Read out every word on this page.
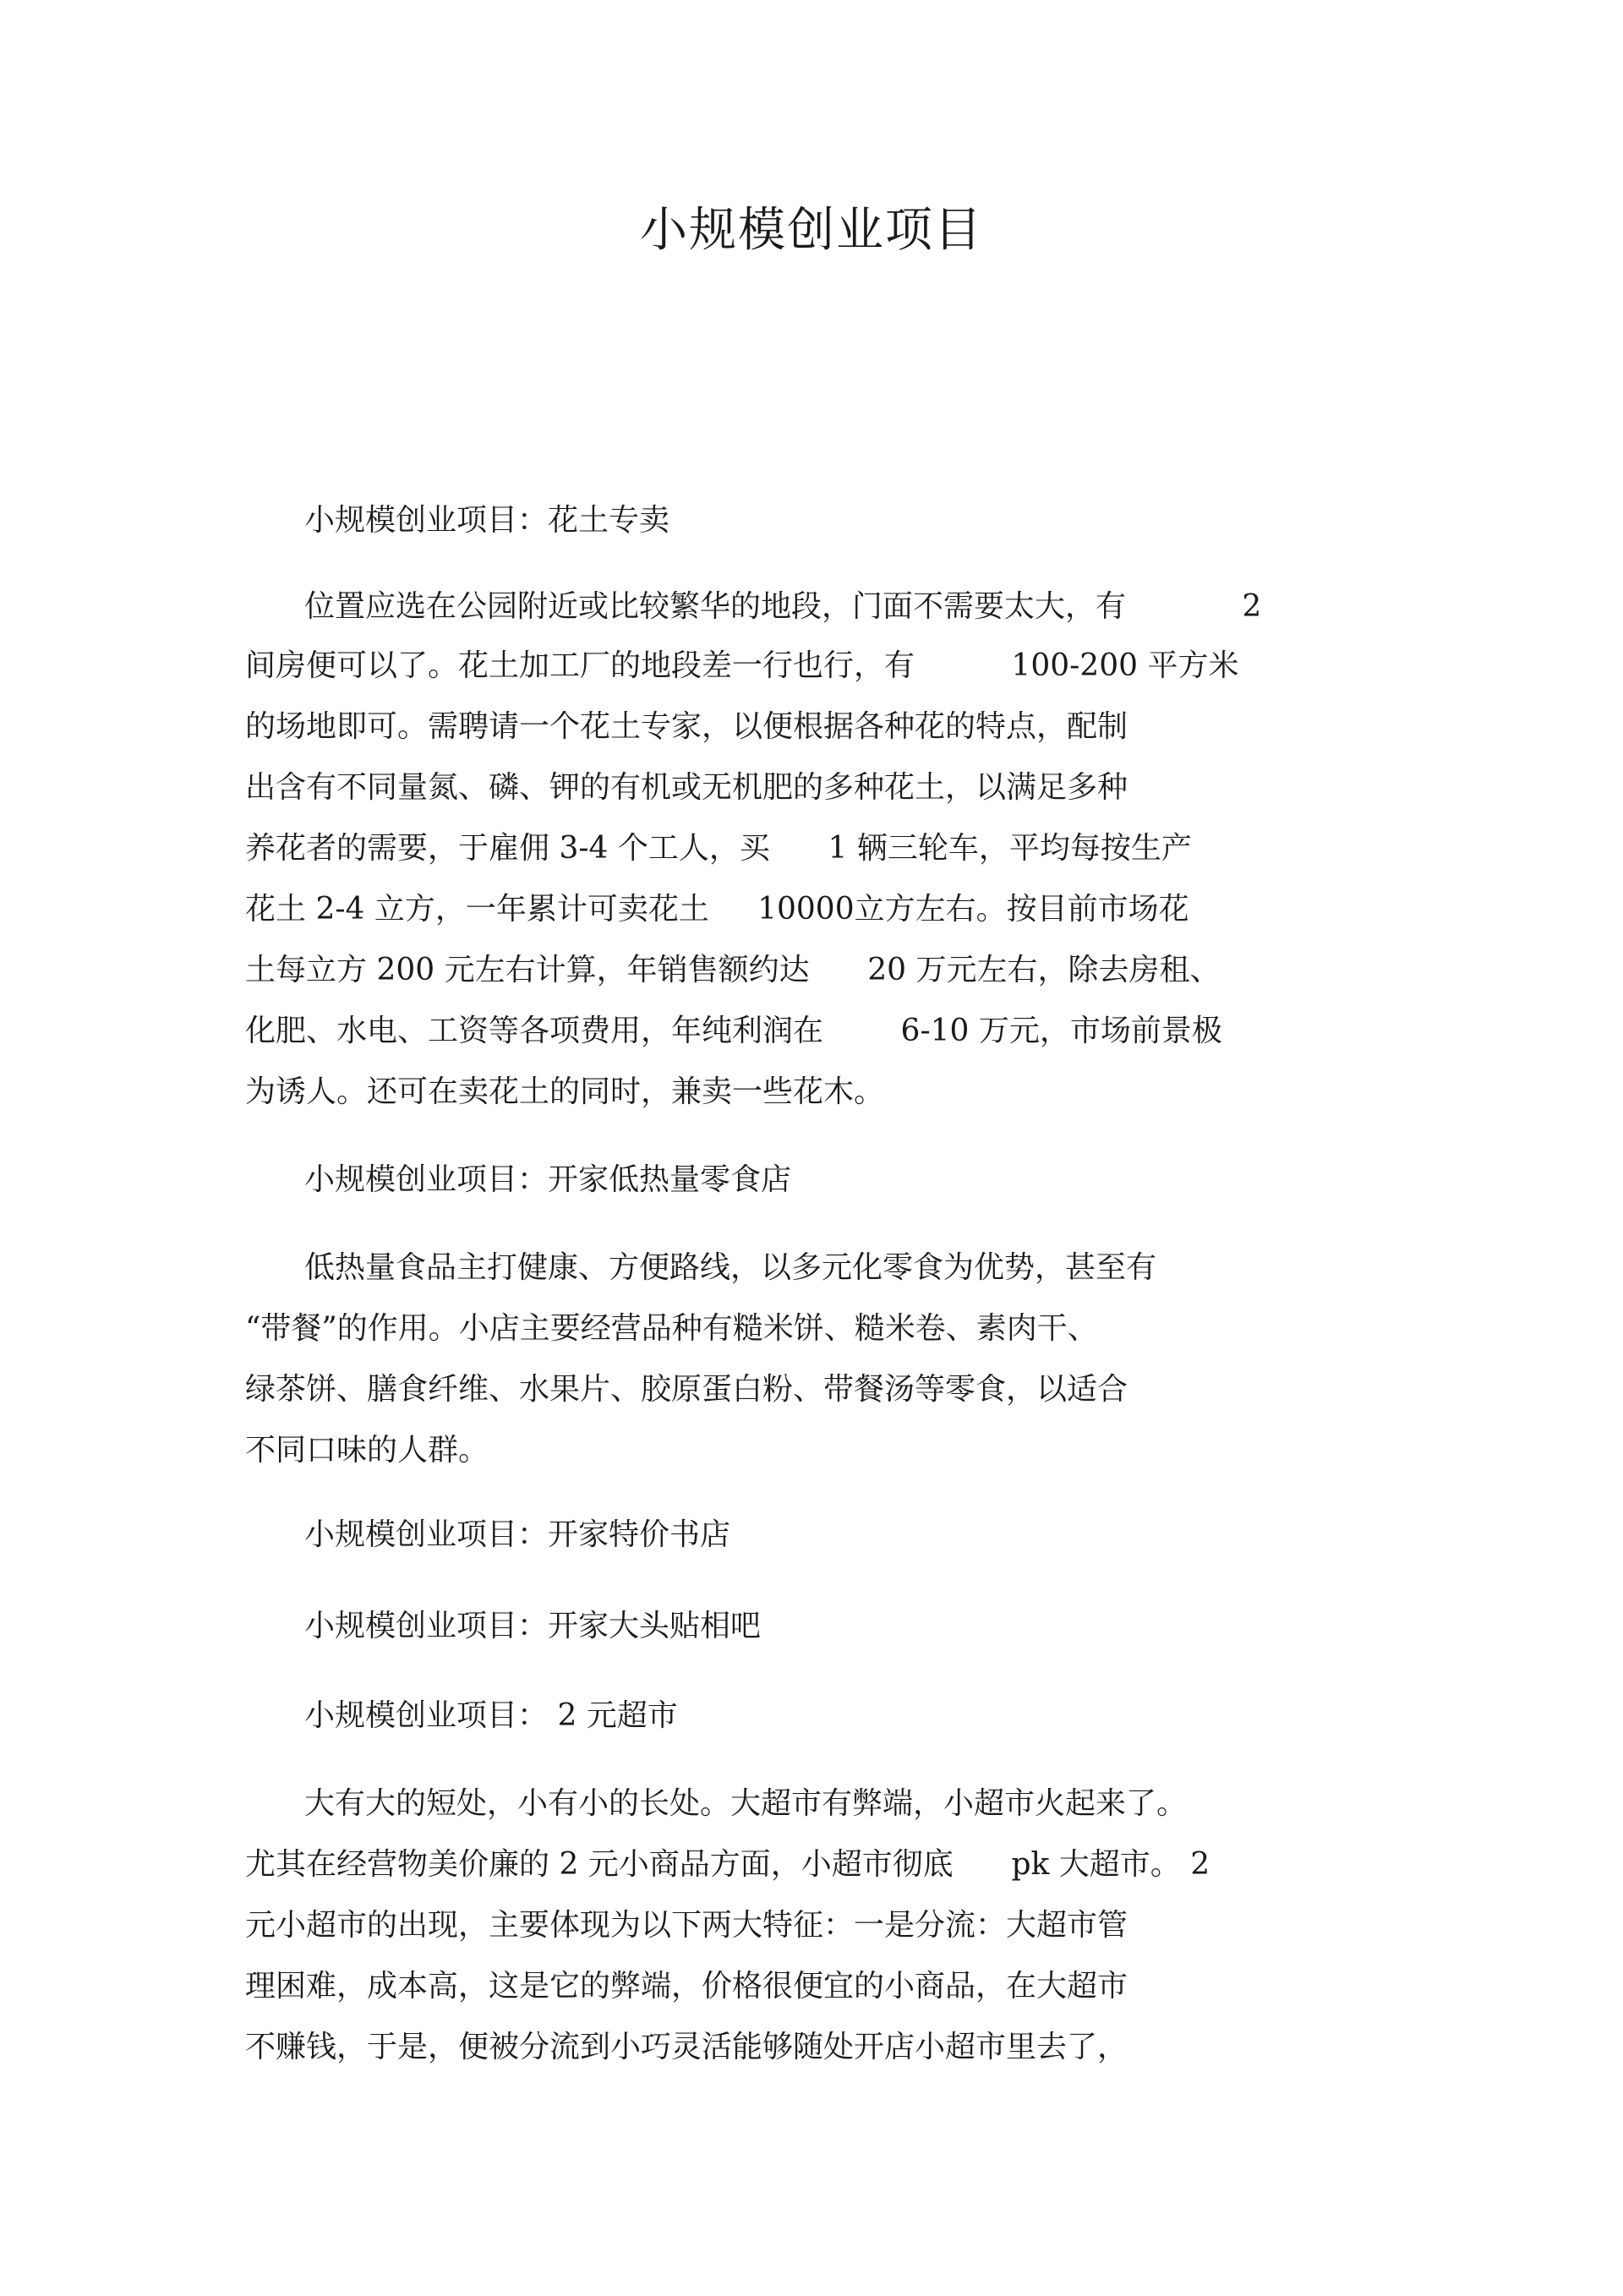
小规模创业项目

小规模创业项目：花土专卖

位置应选在公园附近或比较繁华的地段，门面不需要太大，有            2

间房便可以了。花土加工厂的地段差一行也行，有          100-200 平方米

的场地即可。需聘请一个花土专家，以便根据各种花的特点，配制

出含有不同量氮、磷、钾的有机或无机肥的多种花土，以满足多种

养花者的需要，于雇佣 3-4 个工人，买      1 辆三轮车，平均每按生产

花土 2-4 立方，一年累计可卖花土     10000立方左右。按目前市场花

土每立方 200 元左右计算，年销售额约达      20 万元左右，除去房租、

化肥、水电、工资等各项费用，年纯利润在        6-10 万元，市场前景极

为诱人。还可在卖花土的同时，兼卖一些花木。

小规模创业项目：开家低热量零食店

低热量食品主打健康、方便路线，以多元化零食为优势，甚至有

“带餐”的作用。小店主要经营品种有糙米饼、糙米卷、素肉干、

绿茶饼、膳食纤维、水果片、胶原蛋白粉、带餐汤等零食，以适合

不同口味的人群。

小规模创业项目：开家特价书店

小规模创业项目：开家大头贴相吧

小规模创业项目： 2 元超市

大有大的短处，小有小的长处。大超市有弊端，小超市火起来了。

尤其在经营物美价廉的 2 元小商品方面，小超市彻底      pk 大超市。 2

元小超市的出现，主要体现为以下两大特征：一是分流：大超市管

理困难，成本高，这是它的弊端，价格很便宜的小商品，在大超市

不赚钱，于是，便被分流到小巧灵活能够随处开店小超市里去了，
